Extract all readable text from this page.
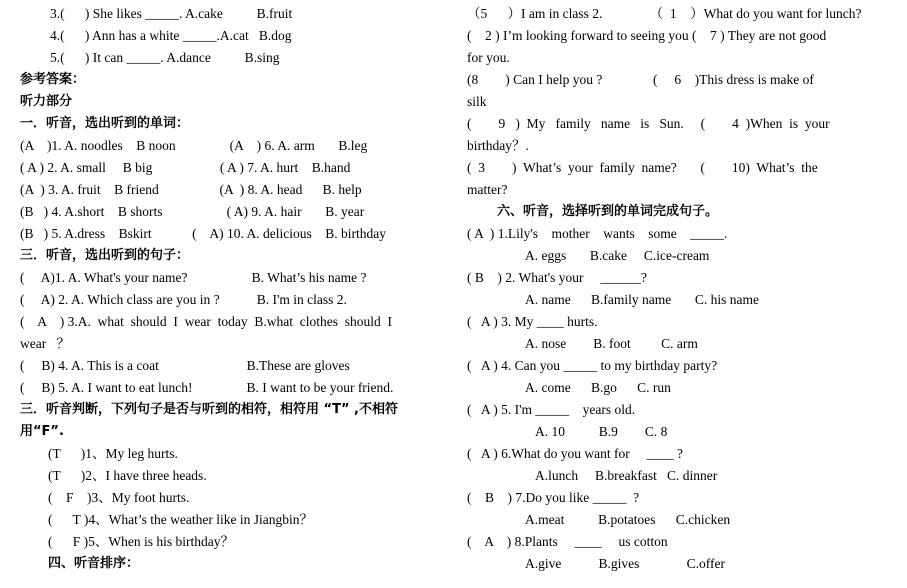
3.(      ) She likes _____. A.cake          B.fruit
4.(      ) Ann has a white _____.A.cat   B.dog
5.(      ) It can _____. A.dance          B.sing
参考答案：
听力部分
一．听音，选出听到的单词：
(A    )1. A. noodles    B noon                (A    ) 6. A. arm       B.leg
( A ) 2. A. small     B big                    ( A ) 7. A. hurt    B.hand
(A  ) 3. A. fruit    B friend                  (A  ) 8. A. head      B. help
(B   ) 4. A.short    B shorts                   ( A) 9. A. hair       B. year
(B   ) 5. A.dress    Bskirt            (    A) 10. A. delicious    B. birthday
三．听音，选出听到的句子：
(     A)1. A. What's your name?                   B. What’s his name ?
(     A) 2. A. Which class are you in ?           B. I'm in class 2.
(    A    ) 3.A.  what  should  I  wear  today  B.what  clothes  should  I
wear   ？
(     B) 4. A. This is a coat                          B.These are gloves
(     B) 5. A. I want to eat lunch!                B. I want to be your friend.
三．听音判断，下列句子是否与听到的相符，相符用 “T” ,不相符
用“F”.
(T      )1、My leg hurts.
(T      )2、I have three heads.
(    F    )3、My foot hurts.
(      T )4、What’s the weather like in Jiangbin？
(      F )5、When is his birthday？
四、听音排序：
（5      ）I am in class 2.              （  1    ）What do you want for lunch?
(    2 ) I’m looking forward to seeing you (    7 ) They are not good
for you.
(8        ) Can I help you ?               (     6    )This dress is make of
silk
(        9   )  My   family   name   is   Sun.     (        4  )When  is  your
birthday？.
(  3        )  What’s  your  family  name?       (        10)  What’s  the
matter?
六、听音，选择听到的单词完成句子。
( A  ) 1.Lily's    mother    wants    some    _____.
A. eggs       B.cake     C.ice-cream
( B    ) 2. What's your     ______?
A. name      B.family name       C. his name
(   A ) 3. My ____ hurts.
A. nose        B. foot         C. arm
(   A ) 4. Can you _____ to my birthday party?
A. come      B.go      C. run
(   A ) 5. I'm _____    years old.
A. 10          B.9        C. 8
(   A ) 6.What do you want for     ____ ?
A.lunch     B.breakfast   C. dinner
(    B    ) 7.Do you like _____  ?
A.meat          B.potatoes      C.chicken
(    A    ) 8.Plants     ____     us cotton
A.give           B.gives              C.offer
